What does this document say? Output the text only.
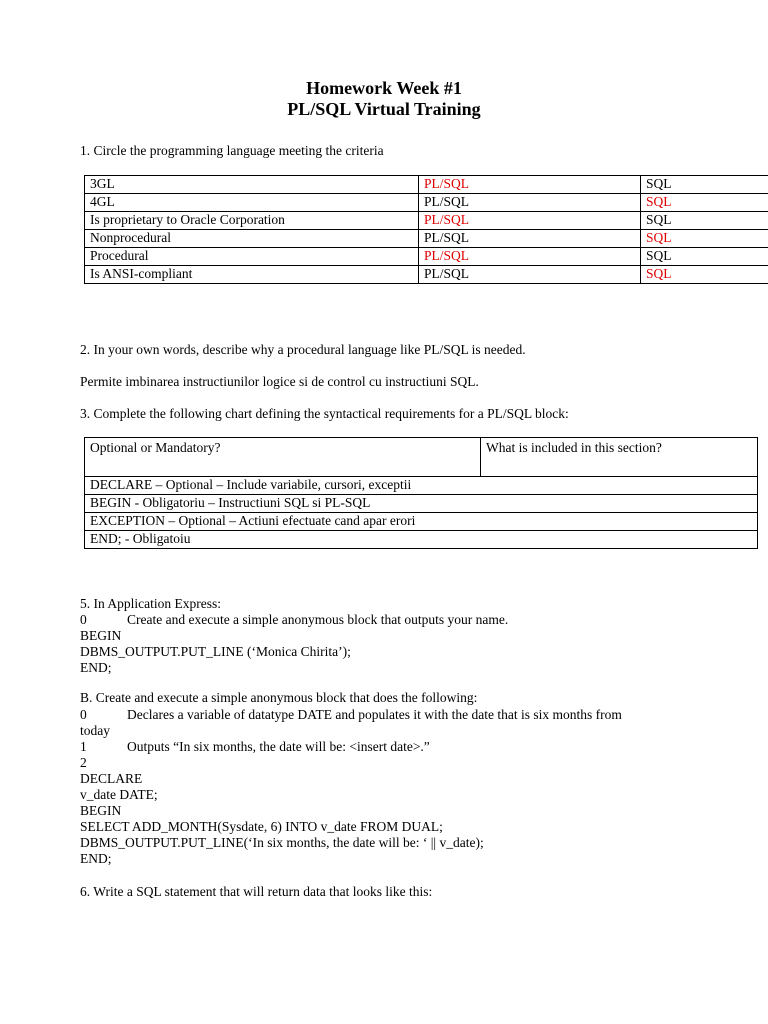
Homework Week #1
PL/SQL Virtual Training
1. Circle the programming language meeting the criteria
3GL	PL/SQL	SQL
4GL	PL/SQL	SQL
Is proprietary to Oracle Corporation	PL/SQL	SQL
Nonprocedural	PL/SQL	SQL
Procedural	PL/SQL	SQL
Is ANSI-compliant	PL/SQL	SQL
2. In your own words, describe why a procedural language like PL/SQL is needed.
Permite imbinarea instructiunilor logice si de control cu instructiuni SQL.
3. Complete the following chart defining the syntactical requirements for a PL/SQL block:
Optional or Mandatory?	What is included in this section?
DECLARE – Optional – Include variabile, cursori, exceptii
BEGIN - Obligatoriu – Instructiuni SQL si PL-SQL
EXCEPTION – Optional – Actiuni efectuate cand apar erori
END; - Obligatoiu
5. In Application Express:
0	Create and execute a simple anonymous block that outputs your name.
BEGIN
DBMS_OUTPUT.PUT_LINE (‘Monica Chirita’);
END;
B. Create and execute a simple anonymous block that does the following:
0	Declares a variable of datatype DATE and populates it with the date that is six months from
today
1	Outputs “In six months, the date will be: <insert date>.”
2
DECLARE
v_date DATE;
BEGIN
SELECT ADD_MONTH(Sysdate, 6) INTO v_date FROM DUAL;
DBMS_OUTPUT.PUT_LINE(‘In six months, the date will be: ‘ || v_date);
END;
6. Write a SQL statement that will return data that looks like this:
